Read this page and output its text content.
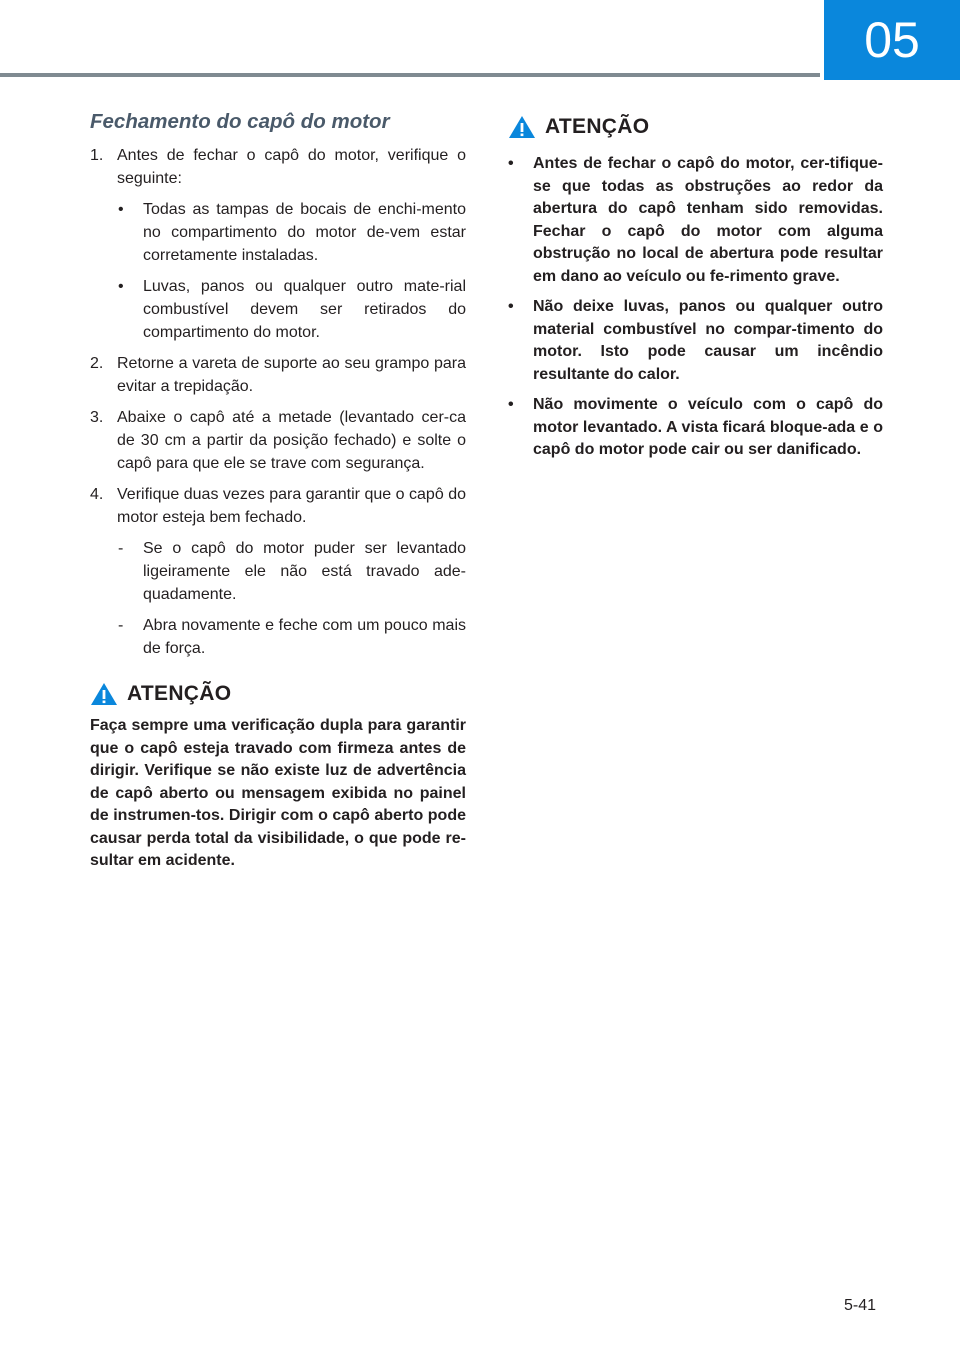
05
Fechamento do capô do motor
1. Antes de fechar o capô do motor, verifique o seguinte:
• Todas as tampas de bocais de enchi-mento no compartimento do motor de-vem estar corretamente instaladas.
• Luvas, panos ou qualquer outro mate-rial combustível devem ser retirados do compartimento do motor.
2. Retorne a vareta de suporte ao seu grampo para evitar a trepidação.
3. Abaixe o capô até a metade (levantado cer-ca de 30 cm a partir da posição fechado) e solte o capô para que ele se trave com segurança.
4. Verifique duas vezes para garantir que o capô do motor esteja bem fechado.
- Se o capô do motor puder ser levantado ligeiramente ele não está travado ade-quadamente.
- Abra novamente e feche com um pouco mais de força.
ATENÇÃO

Faça sempre uma verificação dupla para garantir que o capô esteja travado com firmeza antes de dirigir. Verifique se não existe luz de advertência de capô aberto ou mensagem exibida no painel de instrumen-tos. Dirigir com o capô aberto pode causar perda total da visibilidade, o que pode re-sultar em acidente.

ATENÇÃO
• Antes de fechar o capô do motor, cer-tifique-se que todas as obstruções ao redor da abertura do capô tenham sido removidas. Fechar o capô do motor com alguma obstrução no local de abertura pode resultar em dano ao veículo ou fe-rimento grave.
• Não deixe luvas, panos ou qualquer outro material combustível no compar-timento do motor. Isto pode causar um incêndio resultante do calor.
• Não movimente o veículo com o capô do motor levantado. A vista ficará bloque-ada e o capô do motor pode cair ou ser danificado.
5-41
